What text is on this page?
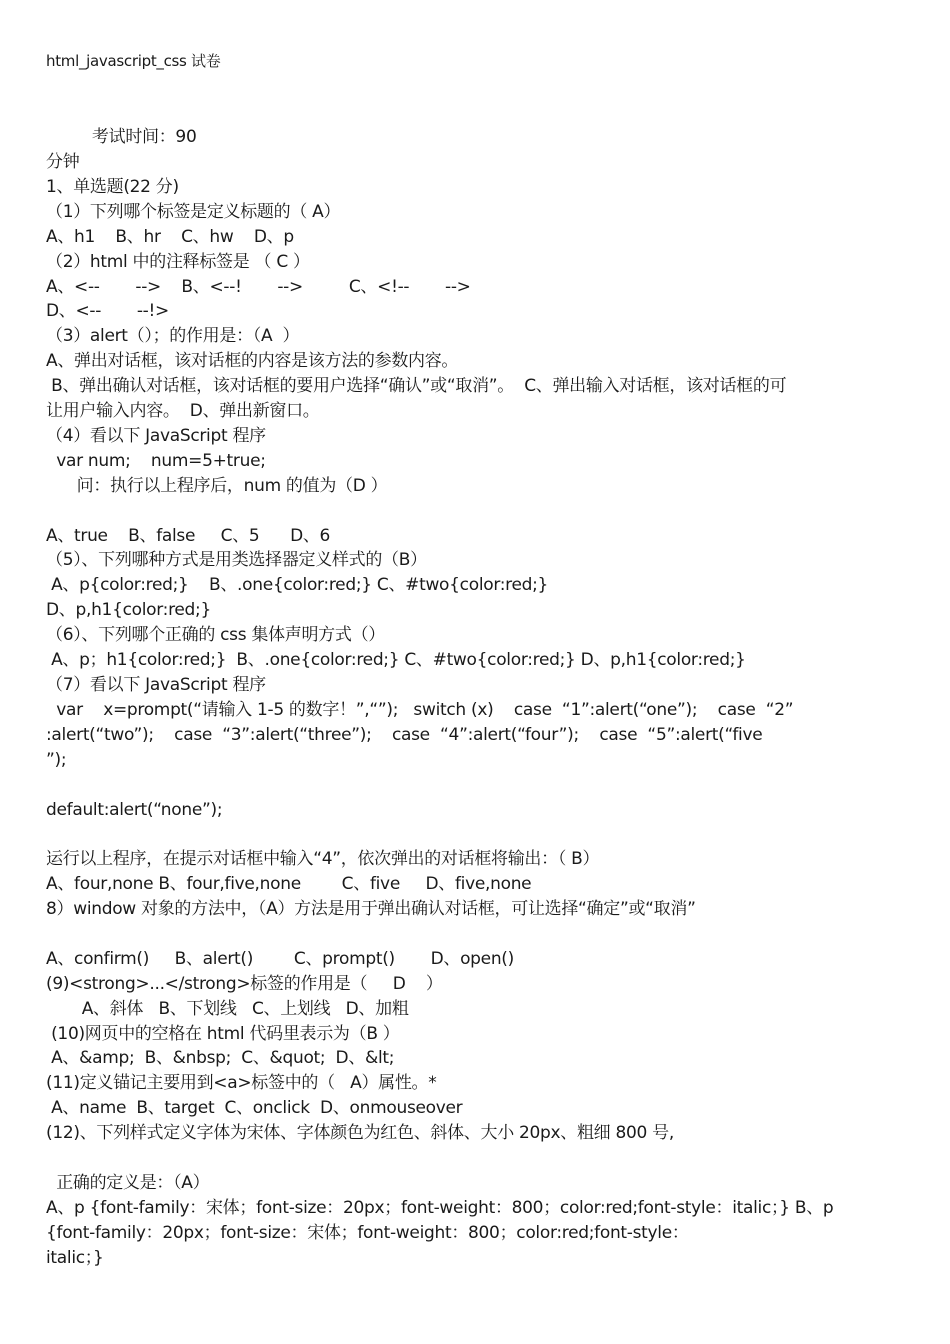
html_javascript_css 试卷
考试时间：90
分钟
1、单选题(22 分)
（1）下列哪个标签是定义标题的（ A）
A、h1    B、hr    C、hw    D、p
（2）html 中的注释标签是 （ C ）
A、<--       -->    B、<--!       -->         C、<!--       -->
D、<--       --!>
（3）alert（）；的作用是：（A  ）
A、弹出对话框，该对话框的内容是该方法的参数内容。
B、弹出确认对话框，该对话框的要用户选择“确认”或“取消”。  C、弹出输入对话框，该对话框的可
让用户输入内容。  D、弹出新窗口。
（4）看以下 JavaScript 程序
var num;    num=5+true;
问：执行以上程序后，num 的值为（D ）
A、true    B、false     C、5      D、6
（5）、下列哪种方式是用类选择器定义样式的（B）
A、p{color:red;}    B、.one{color:red;} C、#two{color:red;}
D、p,h1{color:red;}
（6）、下列哪个正确的 css 集体声明方式（）
A、p；h1{color:red;}  B、.one{color:red;} C、#two{color:red;} D、p,h1{color:red;}
（7）看以下 JavaScript 程序
var    x=prompt(“请输入 1-5 的数字！”,“”);   switch (x)    case  “1”:alert(“one”);    case  “2”
:alert(“two”);    case  “3”:alert(“three”);    case  “4”:alert(“four”);    case  “5”:alert(“five
”);
default:alert(“none”);
运行以上程序，在提示对话框中输入“4”，依次弹出的对话框将输出：（ B）
A、four,none B、four,five,none        C、five     D、five,none
8）window 对象的方法中，（A）方法是用于弹出确认对话框，可让选择“确定”或“取消”
A、confirm()     B、alert()        C、prompt()       D、open()
(9)<strong>...</strong>标签的作用是（     D    ）
A、斜体   B、下划线   C、上划线   D、加粗
(10)网页中的空格在 html 代码里表示为（B ）
A、&amp;  B、&nbsp;  C、&quot;  D、&lt;
(11)定义锚记主要用到<a>标签中的（   A）属性。*
A、name  B、target  C、onclick  D、onmouseover
(12)、下列样式定义字体为宋体、字体颜色为红色、斜体、大小 20px、粗细 800 号,
正确的定义是：（A）
A、p {font-family：宋体；font-size：20px；font-weight：800；color:red;font-style：italic；} B、p
{font-family：20px；font-size：宋体；font-weight：800；color:red;font-style：
italic；}
